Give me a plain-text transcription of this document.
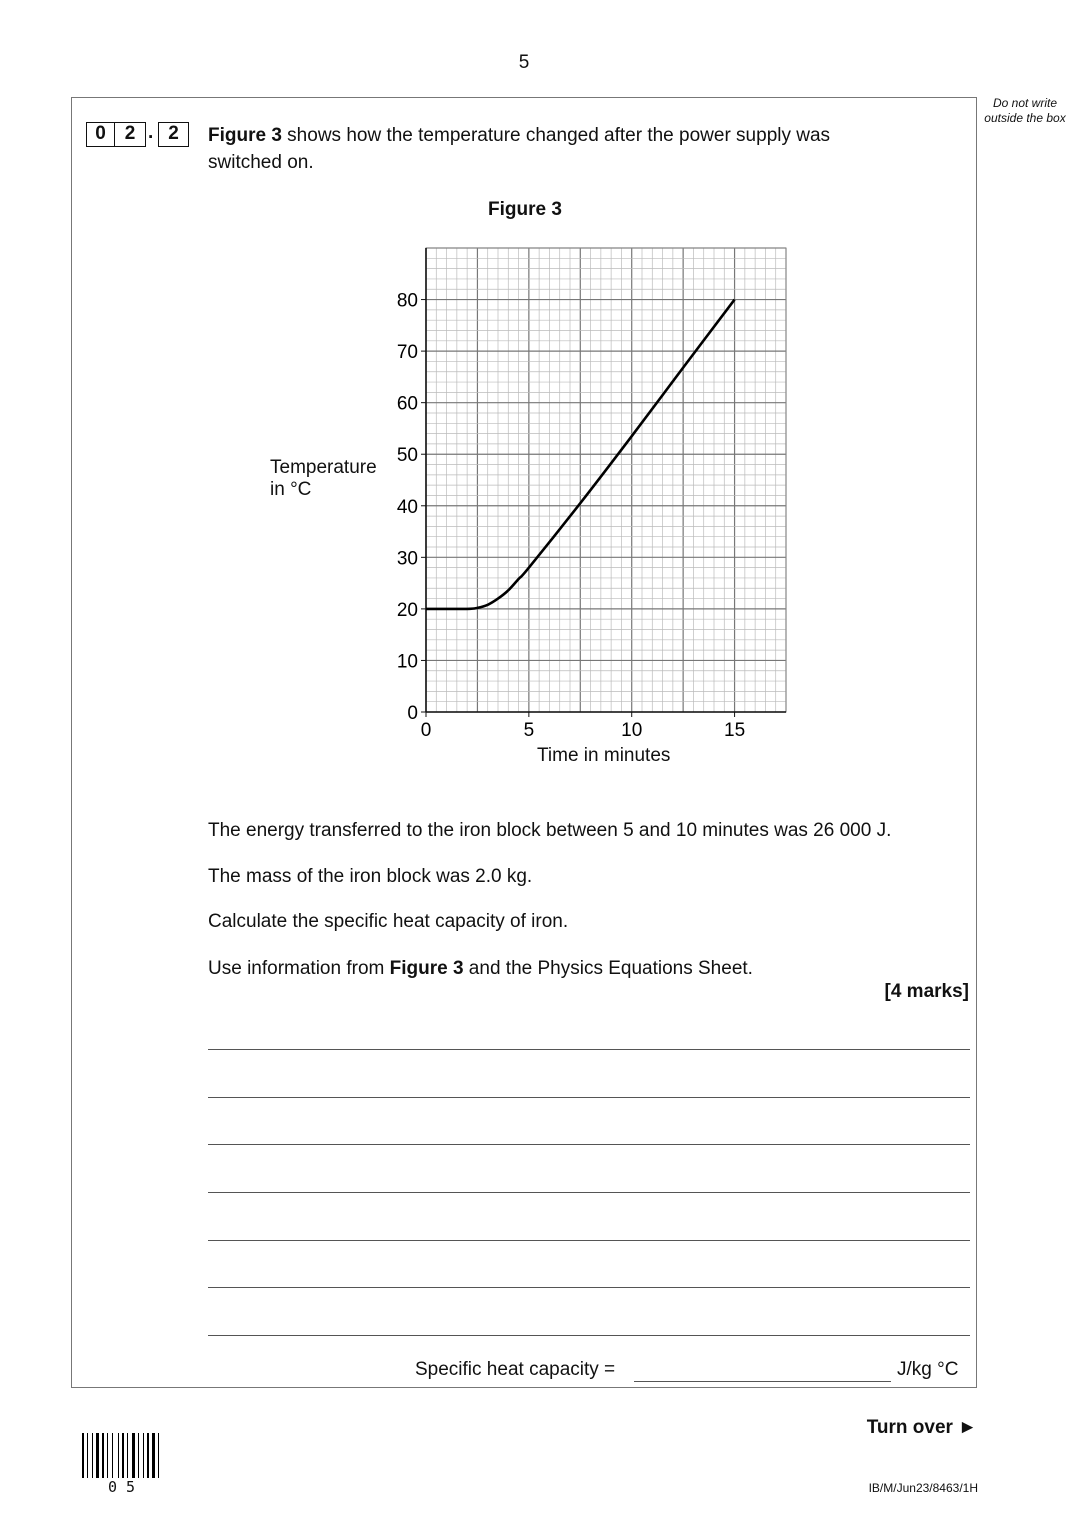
5
Do not write outside the box
0 2 . 2	Figure 3 shows how the temperature changed after the power supply was
switched on.
Figure 3
0
10
20
30
40
50
60
70
80
0	5	10	15
Temperature
in °C
Time in minutes
The energy transferred to the iron block between 5 and 10 minutes was 26 000 J.
The mass of the iron block was 2.0 kg.
Calculate the specific heat capacity of iron.
Use information from Figure 3 and the Physics Equations Sheet.
[4 marks]
Specific heat capacity =	J/kg °C
Turn over ►
0 5	IB/M/Jun23/8463/1H
